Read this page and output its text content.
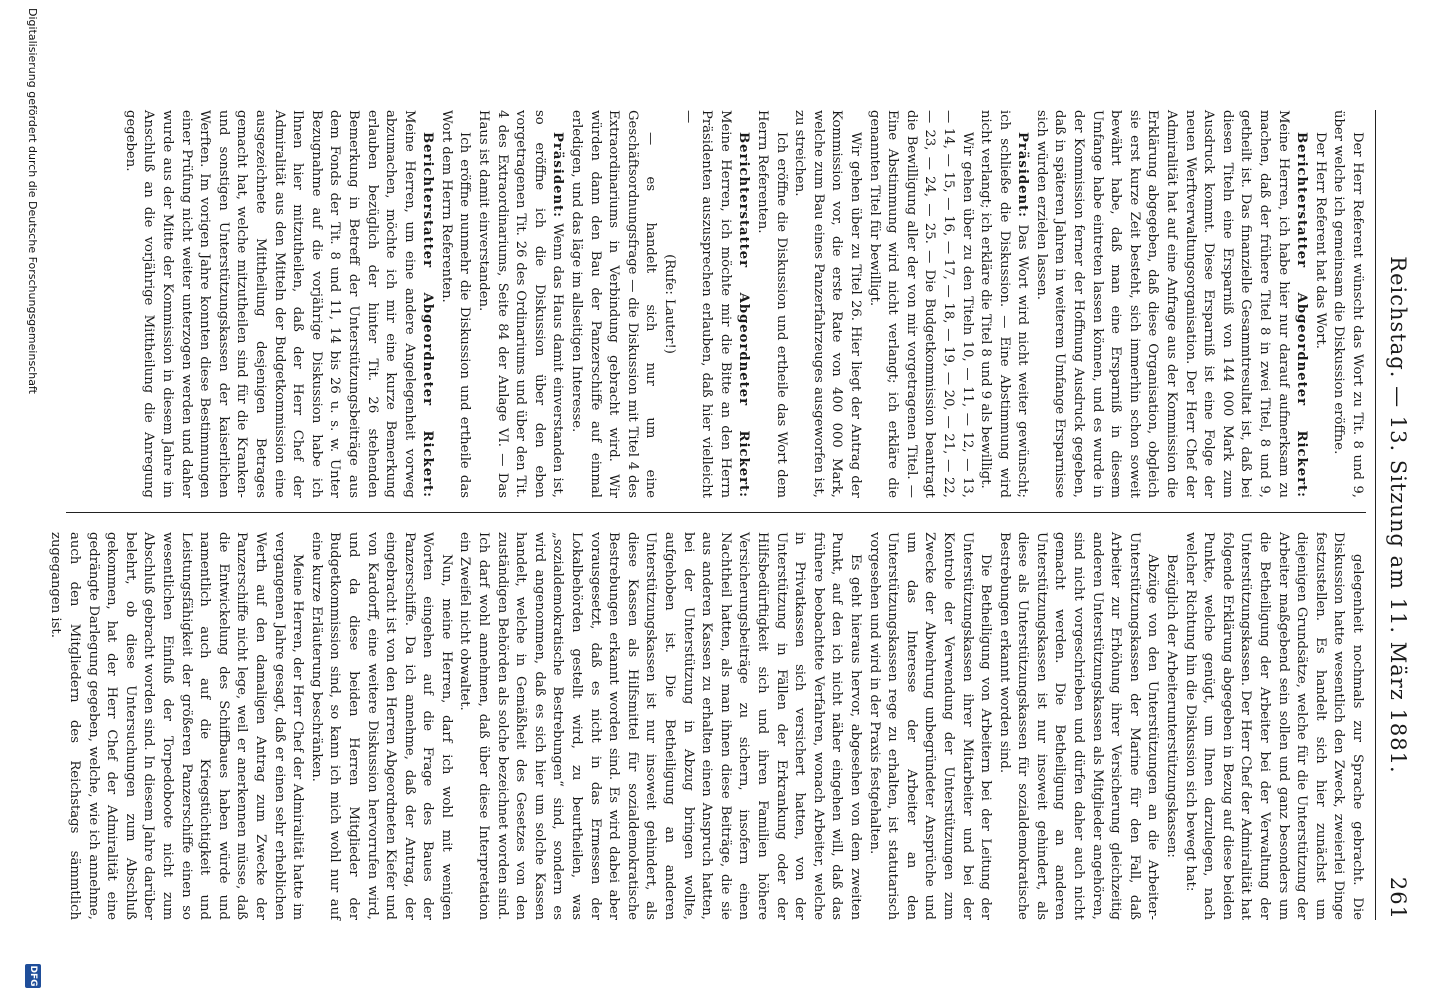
Reichstag. — 13. Sitzung am 11. März 1881.
261

Der Herr Referent wünscht das Wort zu Tit. 8 und 9, über welche ich gemeinsam die Diskussion eröffne.

Der Herr Referent hat das Wort.

Berichterstatter Abgeordneter Rickert: Meine Herren, ich habe hier nur darauf aufmerksam zu machen, daß der frühere Titel 8 in zwei Titel, 8 und 9, getheilt ist. Das finanzielle Gesammtresultat ist, daß bei diesen Titeln eine Ersparniß von 144 000 Mark zum Ausdruck kommt. Diese Ersparniß ist eine Folge der neuen Werftverwaltungsorganisation. Der Herr Chef der Admiralität hat auf eine Anfrage aus der Kommission die Erklärung abgegeben, daß diese Organisation, obgleich sie erst kurze Zeit besteht, sich immerhin schon soweit bewährt habe, daß man eine Ersparniß in diesem Umfange habe eintreten lassen können, und es wurde in der Kommission ferner der Hoffnung Ausdruck gegeben, daß in späteren Jahren in weiterem Umfange Ersparnisse sich würden erzielen lassen.

Präsident: Das Wort wird nicht weiter gewünscht; ich schließe die Diskussion. — Eine Abstimmung wird nicht verlangt; ich erkläre die Titel 8 und 9 als bewilligt.

Wir gehen über zu den Titeln 10, — 11, — 12, — 13, — 14, — 15, — 16, — 17, — 18, — 19, — 20, — 21, — 22, — 23, — 24, — 25. — Die Budgetkommission beantragt die Bewilligung aller der von mir vorgetragenen Titel. — Eine Abstimmung wird nicht verlangt; ich erkläre die genannten Titel für bewilligt.

Wir gehen über zu Titel 26. Hier liegt der Antrag der Kommission vor, die erste Rate von 400 000 Mark, welche zum Bau eines Panzerfahrzeuges ausgeworfen ist, zu streichen.

Ich eröffne die Diskussion und ertheile das Wort dem Herrn Referenten.

Berichterstatter Abgeordneter Rickert: Meine Herren, ich möchte mir die Bitte an den Herrn Präsidenten auszusprechen erlauben, daß hier vielleicht —

(Rufe: Lauter!)

— es handelt sich nur um eine Geschäftsordnungsfrage — die Diskussion mit Titel 4 des Extraordinariums in Verbindung gebracht wird. Wir würden dann den Bau der Panzerschiffe auf einmal erledigen, und das läge im allseitigen Interesse.

Präsident: Wenn das Haus damit einverstanden ist, so eröffne ich die Diskussion über den eben vorgetragenen Tit. 26 des Ordinariums und über den Tit. 4 des Extraordinariums, Seite 84 der Anlage VI. — Das Haus ist damit einverstanden.

Ich eröffne nunmehr die Diskussion und ertheile das Wort dem Herrn Referenten.

Berichterstatter Abgeordneter Rickert: Meine Herren, um eine andere Angelegenheit vorweg abzumachen, möchte ich mir eine kurze Bemerkung erlauben bezüglich der hinter Tit. 26 stehenden Bemerkung in Betreff der Unterstützungsbeiträge aus dem Fonds der Tit. 8 und 11, 14 bis 26 u. s. w. Unter Bezugnahme auf die vorjährige Diskussion habe ich Ihnen hier mitzutheilen, daß der Herr Chef der Admiralität aus den Mitteln der Budgetkommission eine ausgezeichnete Mittheilung desjenigen Betrages gemacht hat, welche mitzutheilen sind für die Kranken- und sonstigen Unterstützungskassen der kaiserlichen Werften. Im vorigen Jahre konnten diese Bestimmungen einer Prüfung nicht weiter unterzogen werden und daher wurde aus der Mitte der Kommission in diesem Jahre im Anschluß an die vorjährige Mittheilung die Anregung gegeben.

gelegenheit nochmals zur Sprache gebracht. Die Diskussion hatte wesentlich den Zweck, zweierlei Dinge festzustellen. Es handelt sich hier zunächst um diejenigen Grundsätze, welche für die Unterstützung der Arbeiter maßgebend sein sollen und ganz besonders um die Betheiligung der Arbeiter bei der Verwaltung der Unterstützungskassen. Der Herr Chef der Admiralität hat folgende Erklärung abgegeben in Bezug auf diese beiden Punkte, welche genügt, um Ihnen darzulegen, nach welcher Richtung hin die Diskussion sich bewegt hat:

Bezüglich der Arbeiterunterstützungskassen:

Abzüge von den Unterstützungen an die Arbeiter-Unterstützungskassen der Marine für den Fall, daß Arbeiter zur Erhöhung ihrer Versicherung gleichzeitig anderen Unterstützungskassen als Mitglieder angehören, sind nicht vorgeschrieben und dürfen daher auch nicht gemacht werden. Die Betheiligung an anderen Unterstützungskassen ist nur insoweit gehindert, als diese als Unterstützungskassen für sozialdemokratische Bestrebungen erkannt worden sind.

Die Betheiligung von Arbeitern bei der Leitung der Unterstützungskassen ihrer Mitarbeiter und bei der Kontrole der Verwendung der Unterstützungen zum Zwecke der Abwehrung unbegründeter Ansprüche und um das Interesse der Arbeiter an den Unterstützungskassen rege zu erhalten, ist statutarisch vorgesehen und wird in der Praxis festgehalten.

Es geht hieraus hervor, abgesehen von dem zweiten Punkt, auf den ich nicht näher eingehen will, daß das frühere beobachtete Verfahren, wonach Arbeiter, welche in Privatkassen sich versichert hatten, von der Unterstützung in Fällen der Erkrankung oder der Hilfsbedürftigkeit sich und ihren Familien höhere Versicherungsbeiträge zu sichern, insofern einen Nachtheil hatten, als man ihnen diese Beiträge, die sie aus anderen Kassen zu erhalten einen Anspruch hatten, bei der Unterstützung in Abzug bringen wollte, aufgehoben ist. Die Betheiligung an anderen Unterstützungskassen ist nur insoweit gehindert, als diese Kassen als Hilfsmittel für sozialdemokratische Bestrebungen erkannt worden sind. Es wird dabei aber vorausgesetzt, daß es nicht in das Ermessen der Lokalbehörden gestellt wird, zu beurtheilen, was „sozialdemokratische Bestrebungen“ sind, sondern es wird angenommen, daß es sich hier um solche Kassen handelt, welche in Gemäßheit des Gesetzes von den zuständigen Behörden als solche bezeichnet worden sind. Ich darf wohl annehmen, daß über diese Interpretation ein Zweifel nicht obwaltet.

Nun, meine Herren, darf ich wohl mit wenigen Worten eingehen auf die Frage des Baues der Panzerschiffe. Da ich annehme, daß der Antrag, der eingebracht ist von den Herren Abgeordneten Kiefer und von Kardorff, eine weitere Diskussion hervorrufen wird, und da diese beiden Herren Mitglieder der Budgetkommission sind, so kann ich mich wohl nur auf eine kurze Erläuterung beschränken.

Meine Herren, der Herr Chef der Admiralität hatte im vergangenen Jahre gesagt, daß er einen sehr erheblichen Werth auf den damaligen Antrag zum Zwecke der Panzerschiffe nicht lege, weil er anerkennen müsse, daß die Entwickelung des Schiffbaues haben würde und namentlich auch auf die Kriegstüchtigkeit und Leistungsfähigkeit der größeren Panzerschiffe einen so wesentlichen Einfluß der Torpedoboote nicht zum Abschluß gebracht worden sind. In diesem Jahre darüber belehrt, ob diese Untersuchungen zum Abschluß gekommen, hat der Herr Chef der Admiralität eine gedrängte Darlegung gegeben, welche, wie ich annehme, auch den Mitgliedern des Reichstags sämmtlich zugegangen ist.

Digitalisierung gefördert durch die Deutsche Forschungsgemeinschaft
DFG
